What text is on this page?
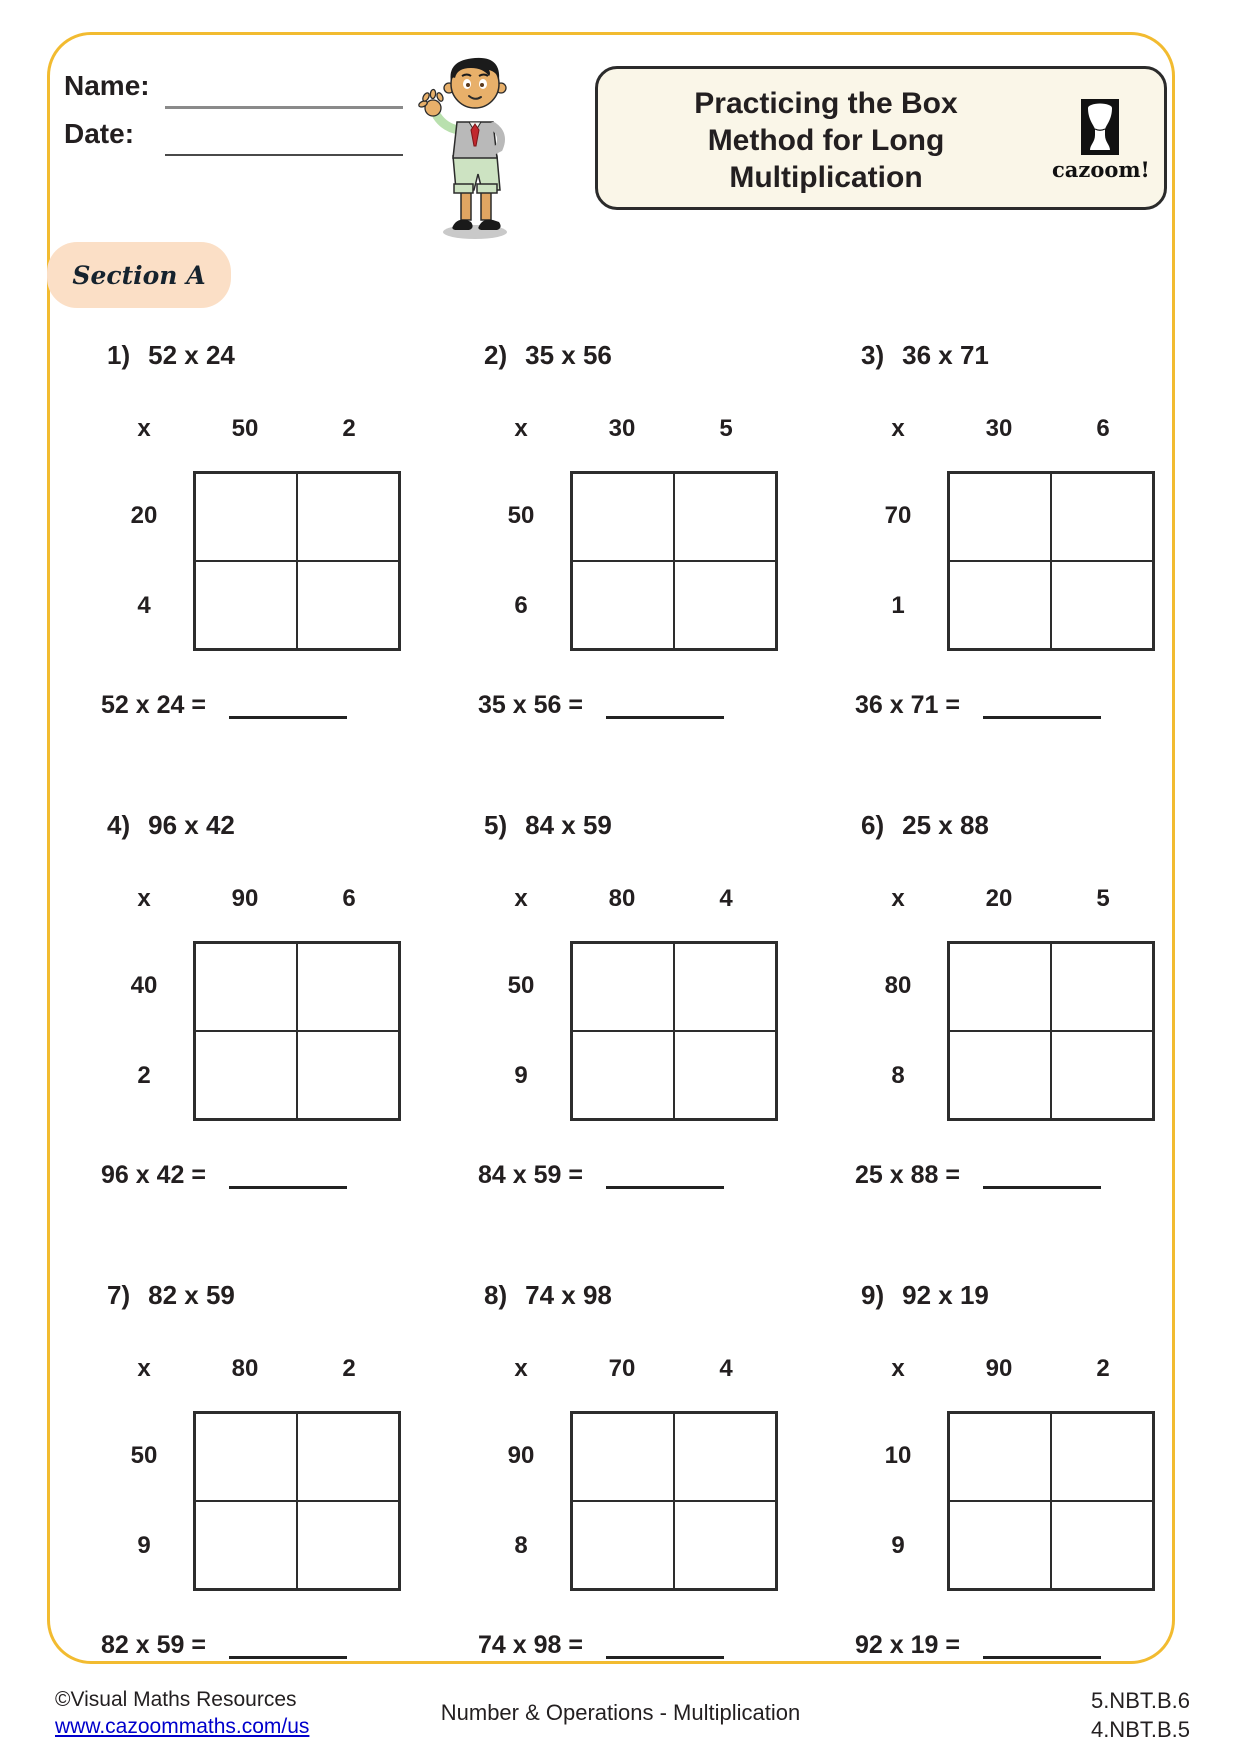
Name:
Date:
Practicing the Box
Method for Long
Multiplication	cazoom!
Section A
1) 52 x 24
x	50	2
20
4
52 x 24 =
2) 35 x 56
x	30	5
50
6
35 x 56 =
3) 36 x 71
x	30	6
70
1
36 x 71 =
4) 96 x 42
x	90	6
40
2
96 x 42 =
5) 84 x 59
x	80	4
50
9
84 x 59 =
6) 25 x 88
x	20	5
80
8
25 x 88 =
7) 82 x 59
x	80	2
50
9
82 x 59 =
8) 74 x 98
x	70	4
90
8
74 x 98 =
9) 92 x 19
x	90	2
10
9
92 x 19 =
©Visual Maths Resources
www.cazoommaths.com/us
Number & Operations - Multiplication	5.NBT.B.6
4.NBT.B.5
